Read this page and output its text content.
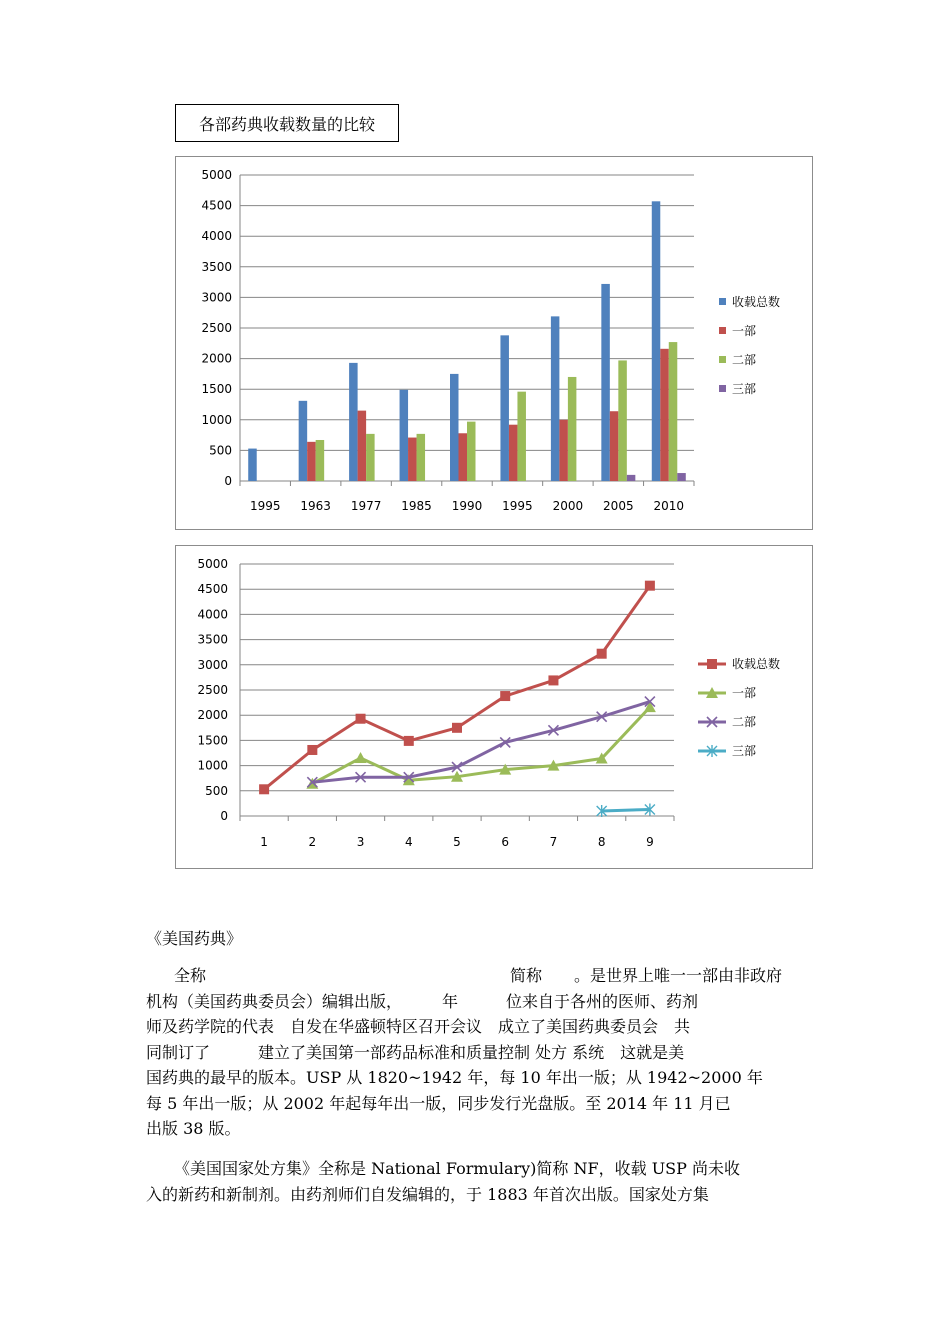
各部药典收载数量的比较
0
500
1000
1500
2000
2500
3000
3500
4000
4500
5000
1995 1963 1977 1985 1990 1995 2000 2005 2010
收载总数
一部
二部
三部
0
500
1000
1500
2000
2500
3000
3500
4000
4500
5000
1	2	3	4	5	6	7	8	9
收载总数
一部
二部
三部

《美国药典》

全称　　　　　　　　　　　　　　　　　　　简称　　。是世界上唯一一部由非政府

机构（美国药典委员会）编辑出版，　　　年　　　位来自于各州的医师、药剂

师及药学院的代表　自发在华盛顿特区召开会议　成立了美国药典委员会　共

同制订了　　　建立了美国第一部药品标准和质量控制 处方 系统　这就是美

国药典的最早的版本。USP 从 1820~1942 年，每 10 年出一版；从 1942~2000 年

每 5 年出一版；从 2002 年起每年出一版，同步发行光盘版。至 2014 年 11 月已

出版 38 版。

《美国国家处方集》全称是 National Formulary)简称 NF，收载 USP 尚未收

入的新药和新制剂。由药剂师们自发编辑的，于 1883 年首次出版。国家处方集
